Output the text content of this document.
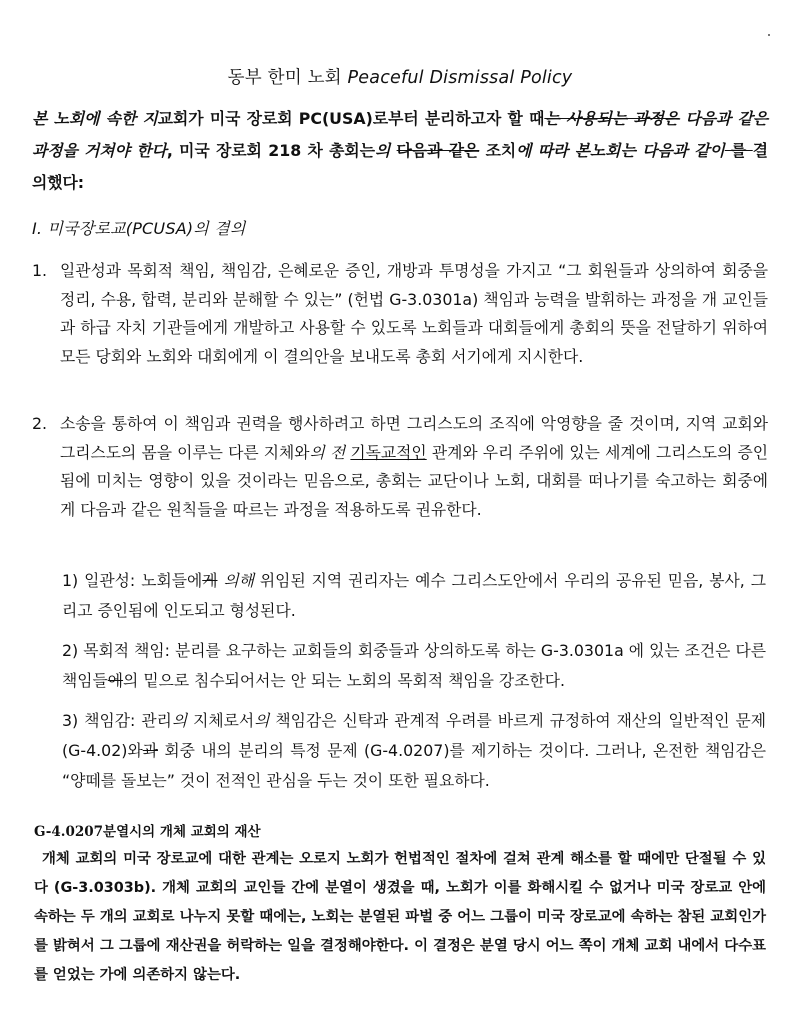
동부 한미 노회 Peaceful Dismissal Policy
본 노회에 속한 지교회가 미국 장로회 PC(USA)로부터 분리하고자 할 때는 사용되는 과정은 다음과 같은 과정을 거쳐야 한다, 미국 장로회 218 차 총회는의 다음과 같은 조치에 따라 본노회는 다음과 같이 를 결의했다:
I. 미국장로교(PCUSA)의 결의
1. 일관성과 목회적 책임, 책임감, 은혜로운 증인, 개방과 투명성을 가지고 “그 회원들과 상의하여 회중을 정리, 수용, 합력, 분리와 분해할 수 있는” (헌법 G-3.0301a) 책임과 능력을 발휘하는 과정을 개 교인들과 하급 자치 기관들에게 개발하고 사용할 수 있도록 노회들과 대회들에게 총회의 뜻을 전달하기 위하여 모든 당회와 노회와 대회에게 이 결의안을 보내도록 총회 서기에게 지시한다.
2. 소송을 통하여 이 책임과 권력을 행사하려고 하면 그리스도의 조직에 악영향을 줄 것이며, 지역 교회와 그리스도의 몸을 이루는 다른 지체와의 전 기독교적인 관계와 우리 주위에 있는 세계에 그리스도의 증인됨에 미치는 영향이 있을 것이라는 믿음으로, 총회는 교단이나 노회, 대회를 떠나기를 숙고하는 회중에게 다음과 같은 원칙들을 따르는 과정을 적용하도록 권유한다.
1) 일관성: 노회들에게 의해 위임된 지역 권리자는 예수 그리스도안에서 우리의 공유된 믿음, 봉사, 그리고 증인됨에 인도되고 형성된다.
2) 목회적 책임: 분리를 요구하는 교회들의 회중들과 상의하도록 하는 G-3.0301a 에 있는 조건은 다른 책임들에의 밑으로 침수되어서는 안 되는 노회의 목회적 책임을 강조한다.
3) 책임감: 관리의 지체로서의 책임감은 신탁과 관계적 우려를 바르게 규정하여 재산의 일반적인 문제 (G-4.02)와과 회중 내의 분리의 특정 문제 (G-4.0207)를 제기하는 것이다. 그러나, 온전한 책임감은 “양떼를 돌보는” 것이 전적인 관심을 두는 것이 또한 필요하다.
G-4.0207분열시의 개체 교회의 재산
개체 교회의 미국 장로교에 대한 관계는 오로지 노회가 헌법적인 절차에 걸쳐 관계 해소를 할 때에만 단절될 수 있다 (G-3.0303b). 개체 교회의 교인들 간에 분열이 생겼을 때, 노회가 이를 화해시킬 수 없거나 미국 장로교 안에 속하는 두 개의 교회로 나누지 못할 때에는, 노회는 분열된 파벌 중 어느 그룹이 미국 장로교에 속하는 참된 교회인가를 밝혀서 그 그룹에 재산권을 허락하는 일을 결정해야한다. 이 결정은 분열 당시 어느 쪽이 개체 교회 내에서 다수표를 얻었는 가에 의존하지 않는다.
